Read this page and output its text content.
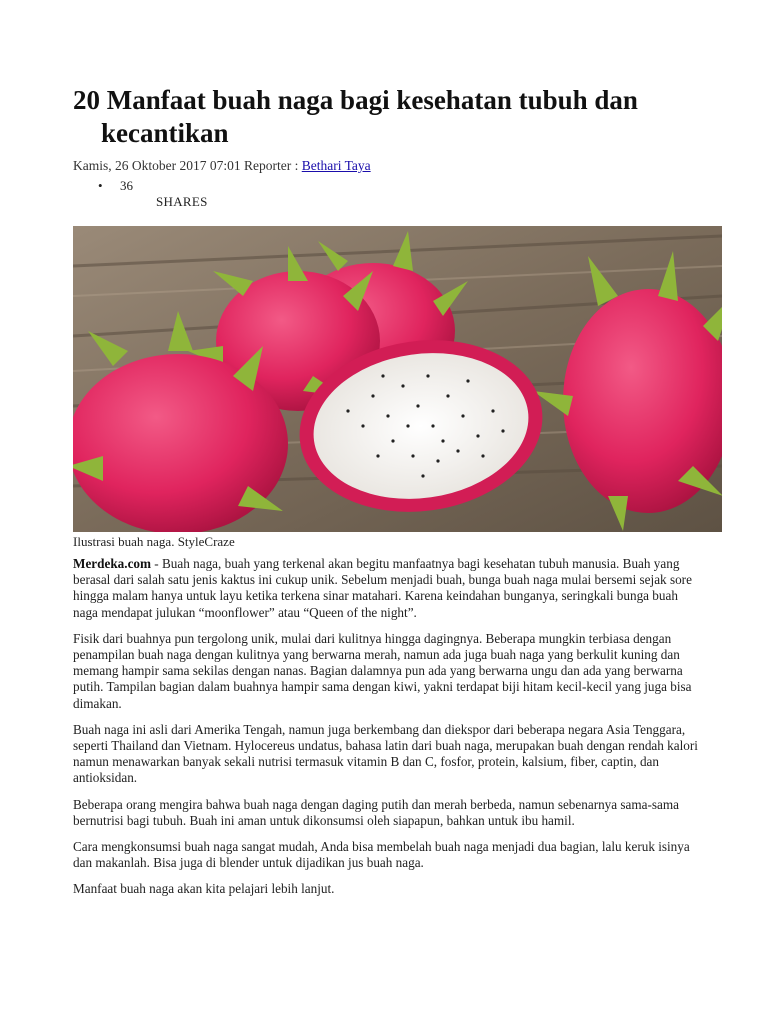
20 Manfaat buah naga bagi kesehatan tubuh dan kecantikan
Kamis, 26 Oktober 2017 07:01 Reporter : Bethari Taya
• 36
SHARES
Ilustrasi buah naga. StyleCraze

Merdeka.com - Buah naga, buah yang terkenal akan begitu manfaatnya bagi kesehatan tubuh manusia. Buah yang berasal dari salah satu jenis kaktus ini cukup unik. Sebelum menjadi buah, bunga buah naga mulai bersemi sejak sore hingga malam hanya untuk layu ketika terkena sinar matahari. Karena keindahan bunganya, seringkali bunga buah naga mendapat julukan “moonflower” atau “Queen of the night”.

Fisik dari buahnya pun tergolong unik, mulai dari kulitnya hingga dagingnya. Beberapa mungkin terbiasa dengan penampilan buah naga dengan kulitnya yang berwarna merah, namun ada juga buah naga yang berkulit kuning dan memang hampir sama sekilas dengan nanas. Bagian dalamnya pun ada yang berwarna ungu dan ada yang berwarna putih. Tampilan bagian dalam buahnya hampir sama dengan kiwi, yakni terdapat biji hitam kecil-kecil yang juga bisa dimakan.

Buah naga ini asli dari Amerika Tengah, namun juga berkembang dan diekspor dari beberapa negara Asia Tenggara, seperti Thailand dan Vietnam. Hylocereus undatus, bahasa latin dari buah naga, merupakan buah dengan rendah kalori namun menawarkan banyak sekali nutrisi termasuk vitamin B dan C, fosfor, protein, kalsium, fiber, captin, dan antioksidan.

Beberapa orang mengira bahwa buah naga dengan daging putih dan merah berbeda, namun sebenarnya sama-sama bernutrisi bagi tubuh. Buah ini aman untuk dikonsumsi oleh siapapun, bahkan untuk ibu hamil.

Cara mengkonsumsi buah naga sangat mudah, Anda bisa membelah buah naga menjadi dua bagian, lalu keruk isinya dan makanlah. Bisa juga di blender untuk dijadikan jus buah naga.

Manfaat buah naga akan kita pelajari lebih lanjut.
